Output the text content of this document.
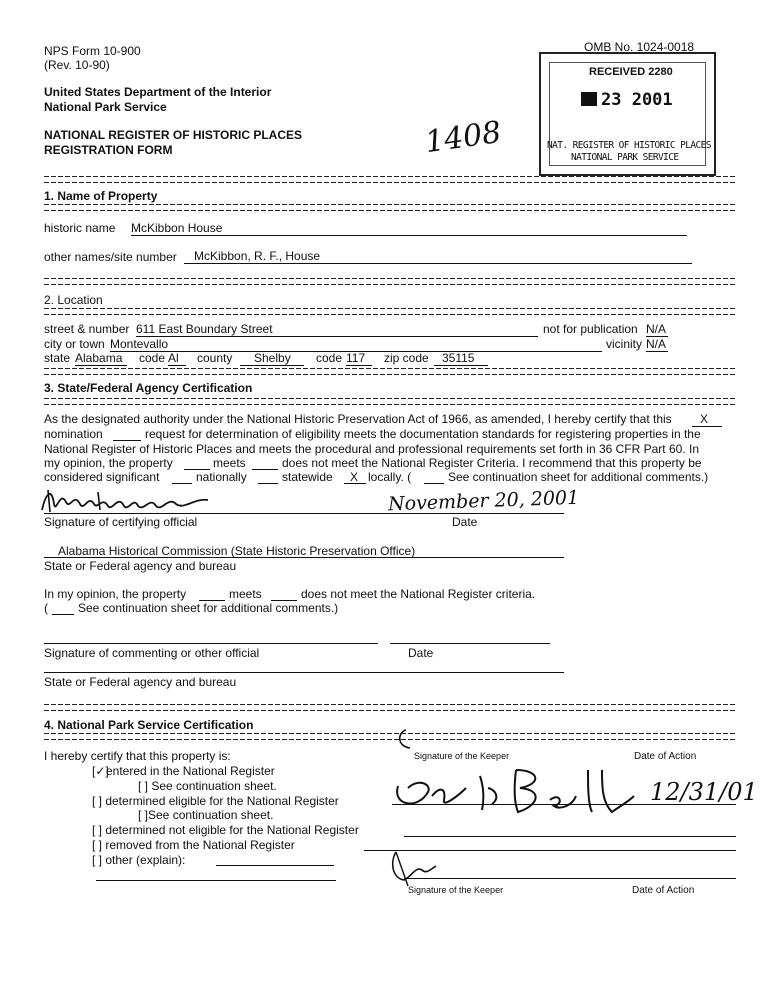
NPS Form 10-900
(Rev. 10-90)
OMB No. 1024-0018
United States Department of the Interior
National Park Service
NATIONAL REGISTER OF HISTORIC PLACES
REGISTRATION FORM	1408
RECEIVED 2280
23 2001
NAT. REGISTER OF HISTORIC PLACES
NATIONAL PARK SERVICE
1. Name of Property
historic name McKibbon House
other names/site number McKibbon, R. F., House
2. Location
street & number 611 East Boundary Street	not for publication N/A
city or town Montevallo	vicinity N/A
state Alabama code Al county Shelby code 117 zip code 35115
3. State/Federal Agency Certification
As the designated authority under the National Historic Preservation Act of 1966, as amended, I hereby certify that this X
nomination	request for determination of eligibility meets the documentation standards for registering properties in the
National Register of Historic Places and meets the procedural and professional requirements set forth in 36 CFR Part 60. In
my opinion, the property	meets	does not meet the National Register Criteria. I recommend that this property be
considered significant	nationally	statewide X locally. (	See continuation sheet for additional comments.)
November 20, 2001
Signature of certifying official	Date
Alabama Historical Commission (State Historic Preservation Office)
State or Federal agency and bureau
In my opinion, the property	meets	does not meet the National Register criteria.
(	See continuation sheet for additional comments.)
Signature of commenting or other official	Date
State or Federal agency and bureau
4. National Park Service Certification
I hereby certify that this property is:
[✓]
entered in the National Register
[ ] See continuation sheet.
[ ] determined eligible for the National Register
[ ]See continuation sheet.
[ ] determined not eligible for the National Register
[ ] removed from the National Register
[ ] other (explain):
Signature of the Keeper	Date of Action
12/31/01
Signature of the Keeper	Date of Action
